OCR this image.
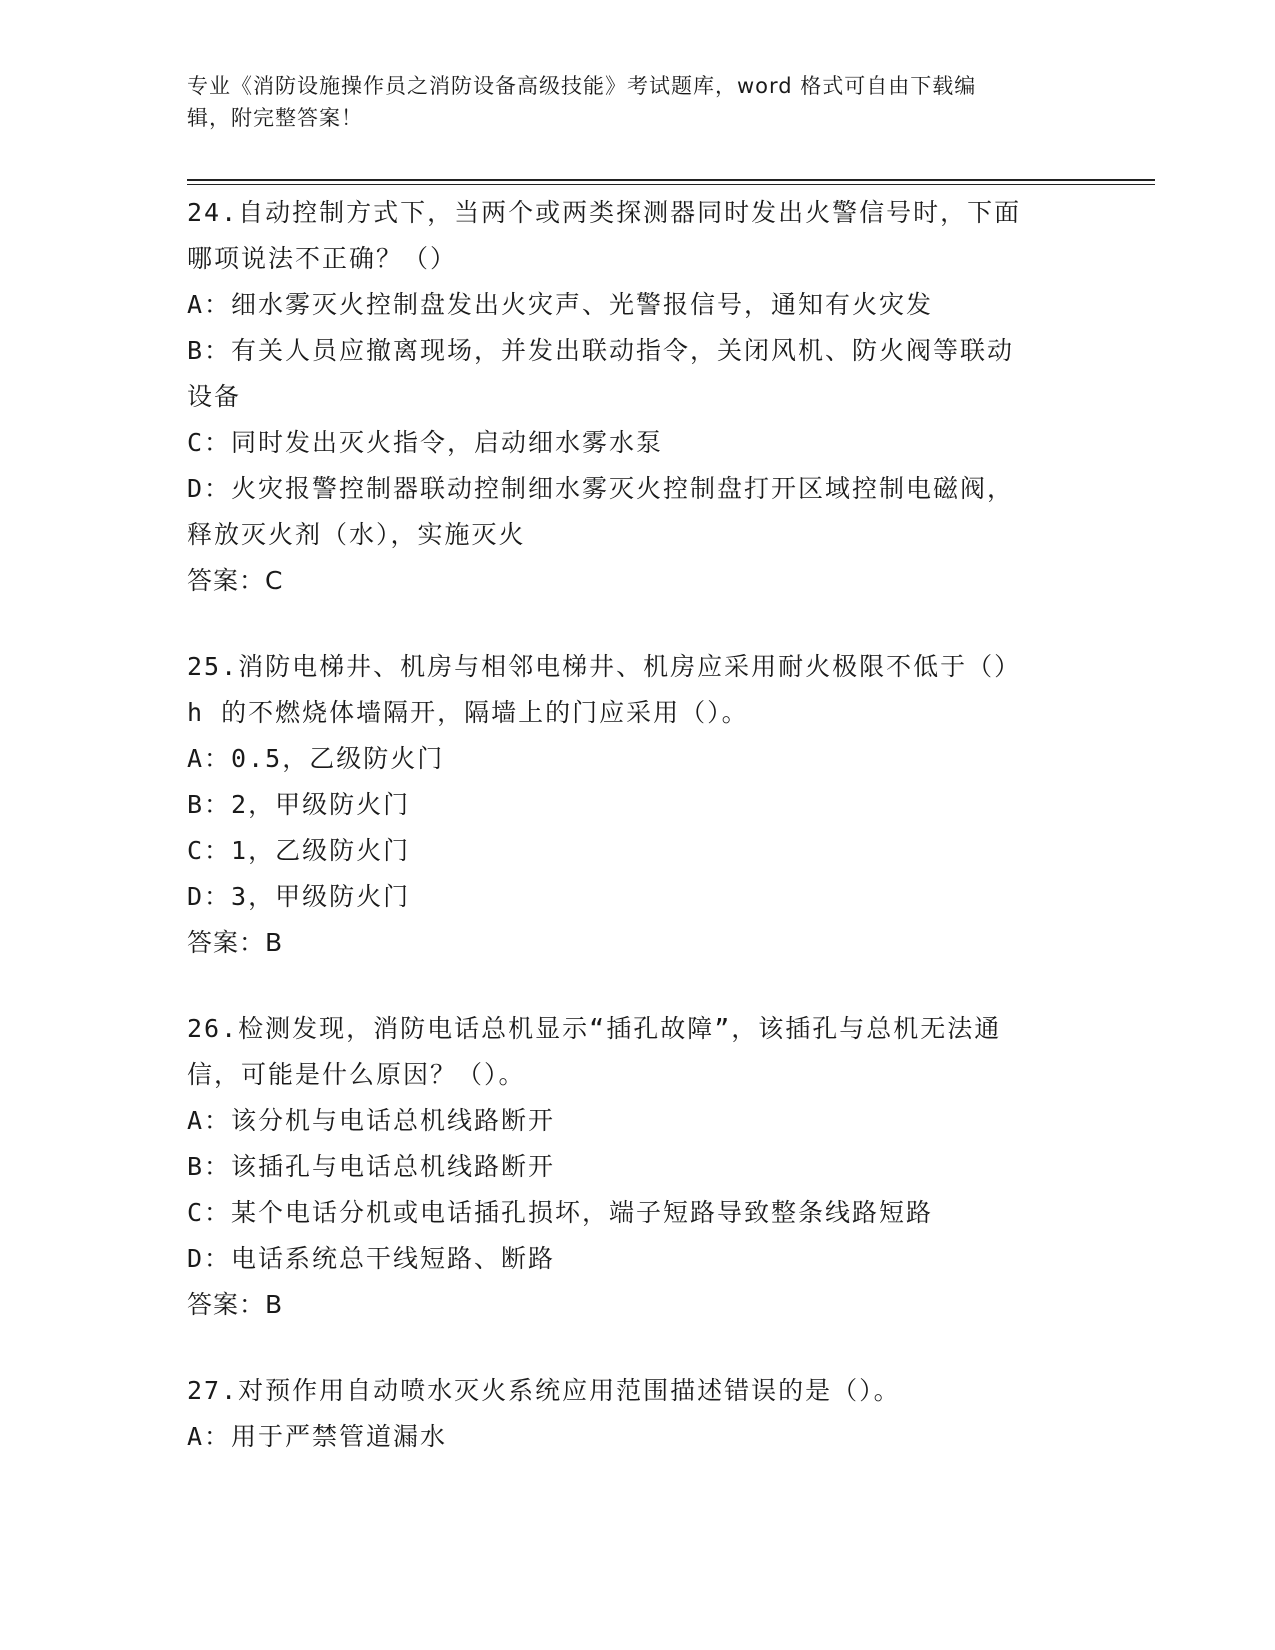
专业《消防设施操作员之消防设备高级技能》考试题库，word 格式可自由下载编
辑，附完整答案！
24.自动控制方式下，当两个或两类探测器同时发出火警信号时，下面
哪项说法不正确？（）
A：细水雾灭火控制盘发出火灾声、光警报信号，通知有火灾发
B：有关人员应撤离现场，并发出联动指令，关闭风机、防火阀等联动
设备
C：同时发出灭火指令，启动细水雾水泵
D：火灾报警控制器联动控制细水雾灭火控制盘打开区域控制电磁阀，
释放灭火剂（水），实施灭火
答案：C
25.消防电梯井、机房与相邻电梯井、机房应采用耐火极限不低于（）
h 的不燃烧体墙隔开，隔墙上的门应采用（）。
A：0.5，乙级防火门
B：2，甲级防火门
C：1，乙级防火门
D：3，甲级防火门
答案：B
26.检测发现，消防电话总机显示“插孔故障”，该插孔与总机无法通
信，可能是什么原因？（）。
A：该分机与电话总机线路断开
B：该插孔与电话总机线路断开
C：某个电话分机或电话插孔损坏，端子短路导致整条线路短路
D：电话系统总干线短路、断路
答案：B
27.对预作用自动喷水灭火系统应用范围描述错误的是（）。
A：用于严禁管道漏水
